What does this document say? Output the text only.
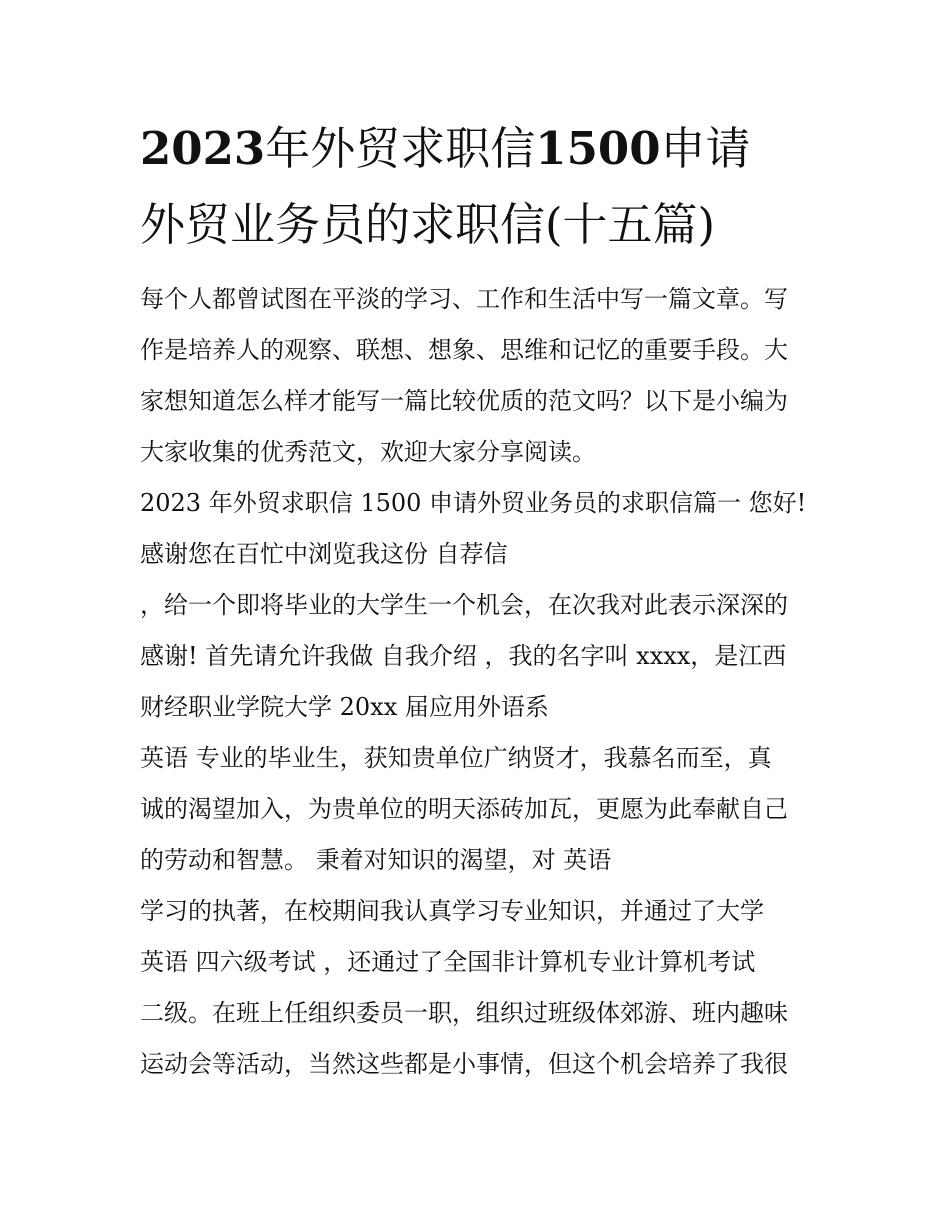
2023年外贸求职信1500申请
外贸业务员的求职信(十五篇)
每个人都曾试图在平淡的学习、工作和生活中写一篇文章。写
作是培养人的观察、联想、想象、思维和记忆的重要手段。大
家想知道怎么样才能写一篇比较优质的范文吗？以下是小编为
大家收集的优秀范文，欢迎大家分享阅读。
2023 年外贸求职信 1500 申请外贸业务员的求职信篇一 您好!
感谢您在百忙中浏览我这份 自荐信
，给一个即将毕业的大学生一个机会，在次我对此表示深深的
感谢! 首先请允许我做 自我介绍 ，我的名字叫 xxxx，是江西
财经职业学院大学 20xx 届应用外语系
英语 专业的毕业生，获知贵单位广纳贤才，我慕名而至，真
诚的渴望加入，为贵单位的明天添砖加瓦，更愿为此奉献自己
的劳动和智慧。 秉着对知识的渴望，对 英语
学习的执著，在校期间我认真学习专业知识，并通过了大学
英语 四六级考试 ，还通过了全国非计算机专业计算机考试
二级。在班上任组织委员一职，组织过班级体郊游、班内趣味
运动会等活动，当然这些都是小事情，但这个机会培养了我很
